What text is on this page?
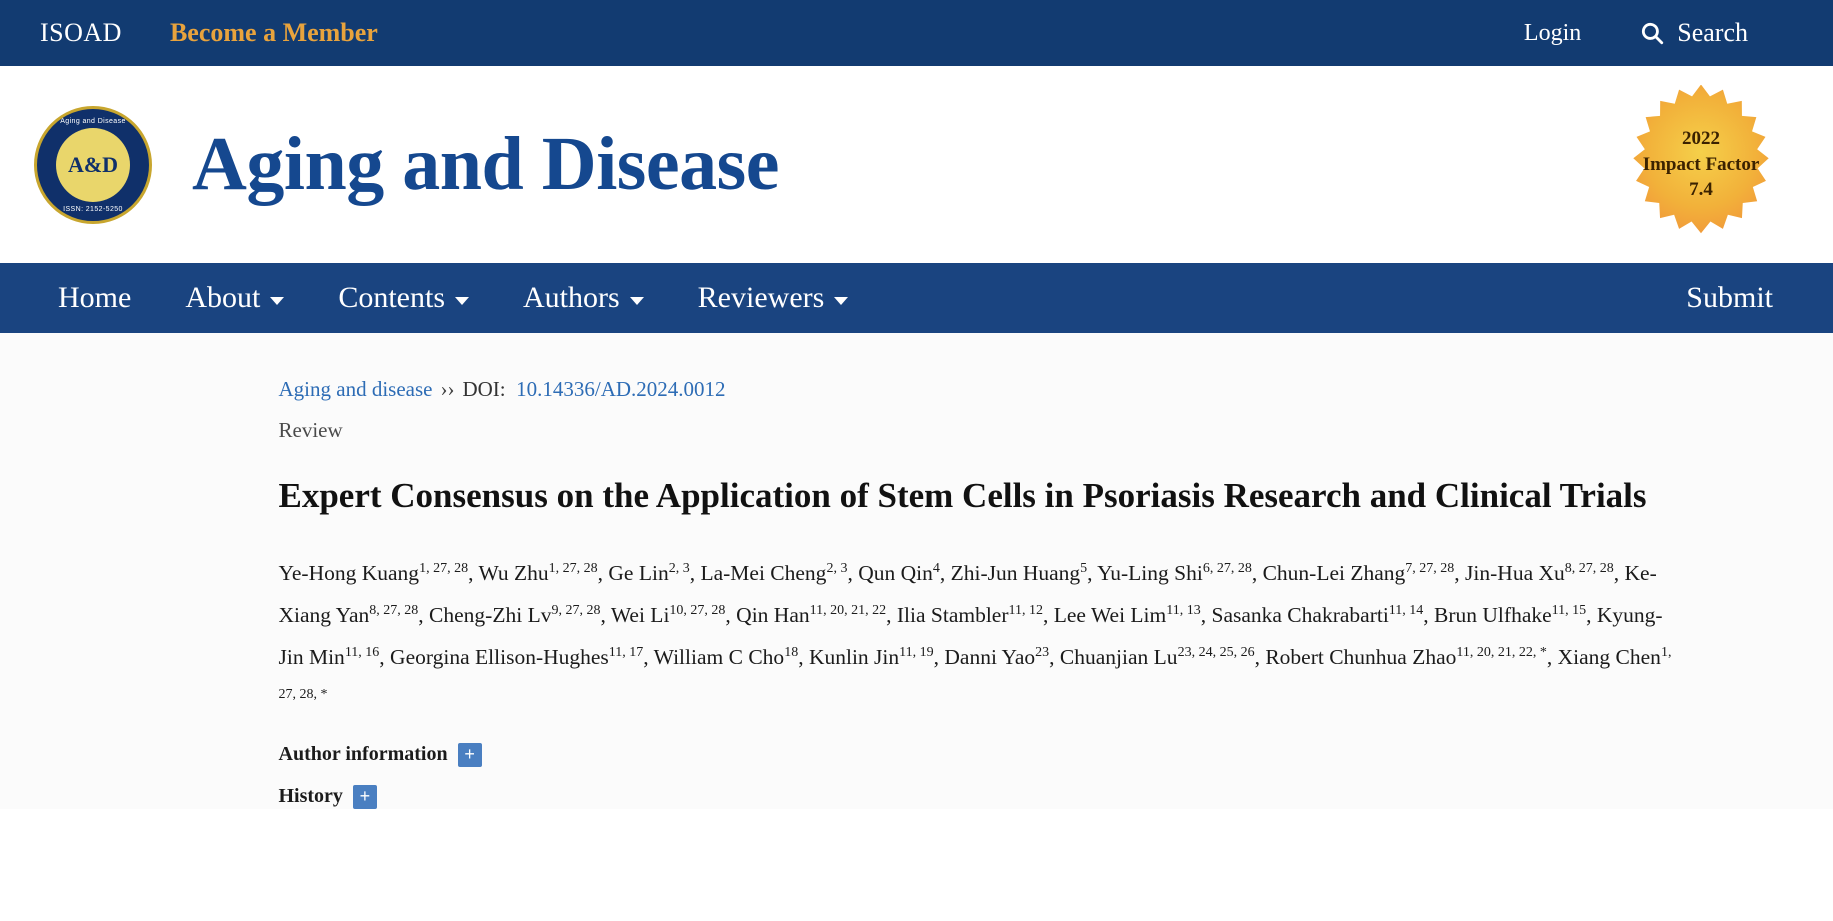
ISOAD Become a Member	Login	Search
Aging and Disease
A&D
ISSN: 2152-5250
Aging and Disease	2022
Impact Factor
7.4
Home About	Contents	Authors	Reviewers	Submit
Aging and disease ›› DOI: 10.14336/AD.2024.0012
Review
Expert Consensus on the Application of Stem Cells in Psoriasis Research and Clinical Trials
Ye-Hong Kuang$^{1, 27, 28}$, Wu Zhu$^{1, 27, 28}$, Ge Lin$^{2, 3}$, La-Mei Cheng$^{2, 3}$, Qun Qin$^4$, Zhi-Jun Huang$^5$, Yu-Ling Shi$^{6, 27, 28}$, Chun-Lei Zhang$^{7, 27, 28}$, Jin-Hua Xu$^{8, 27, 28}$, Ke-Xiang Yan$^{8, 27, 28}$, Cheng-Zhi Lv$^{9, 27, 28}$, Wei Li$^{10, 27, 28}$, Qin Han$^{11, 20, 21, 22}$, Ilia Stambler$^{11, 12}$, Lee Wei Lim$^{11, 13}$, Sasanka Chakrabarti$^{11, 14}$, Brun Ulfhake$^{11, 15}$, Kyung-Jin Min$^{11, 16}$, Georgina Ellison-Hughes$^{11, 17}$, William C Cho$^{18}$, Kunlin Jin$^{11, 19}$, Danni Yao$^{23}$, Chuanjian Lu$^{23, 24, 25, 26}$, Robert Chunhua Zhao$^{11, 20, 21, 22, *}$, Xiang Chen$^{1, 27, 28, *}$
Author information +
History +
